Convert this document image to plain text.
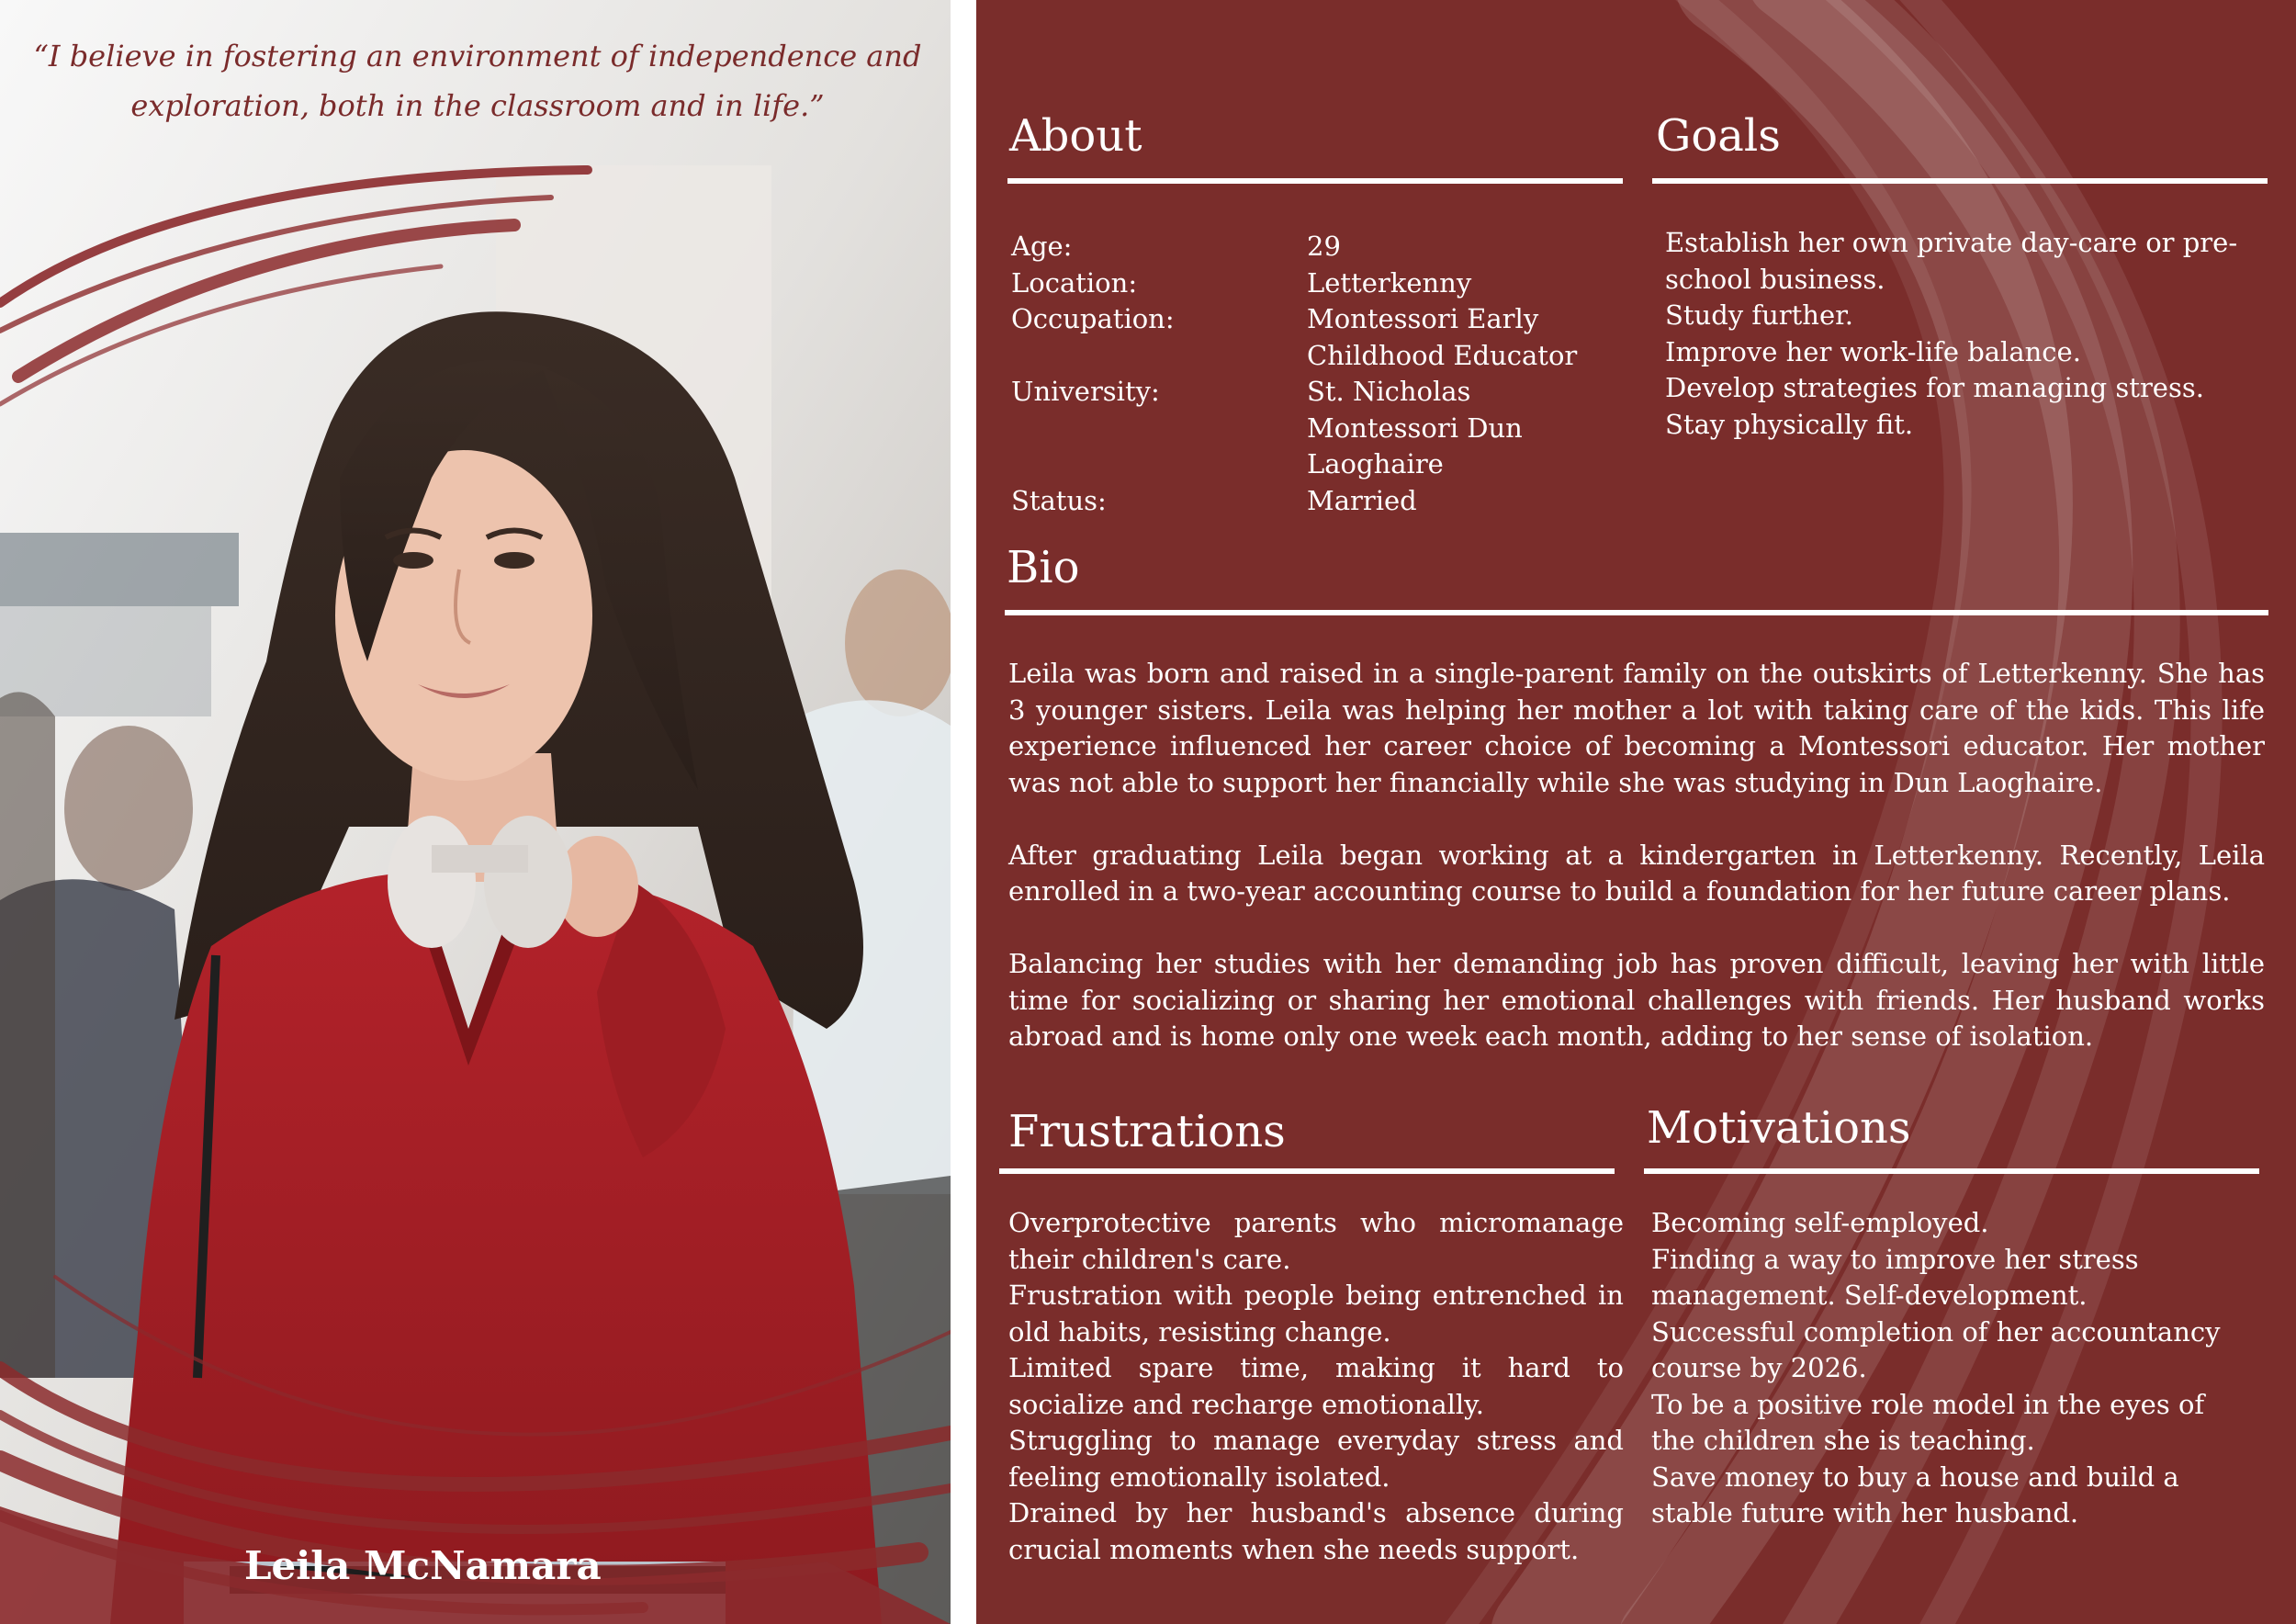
“I believe in fostering an environment of independence and exploration, both in the classroom and in life.”
Leila McNamara
About
Age:	29
Location:	Letterkenny
Occupation:	Montessori Early Childhood Educator
University:	St. Nicholas Montessori Dun Laoghaire
Status:	Married
Goals
Establish her own private day-care or pre-school business.
Study further.
Improve her work-life balance.
Develop strategies for managing stress.
Stay physically fit.
Bio

Leila was born and raised in a single-parent family on the outskirts of Letterkenny. She has 3 younger sisters. Leila was helping her mother a lot with taking care of the kids. This life experience influenced her career choice of becoming a Montessori educator. Her mother was not able to support her financially while she was studying in Dun Laoghaire.

After graduating Leila began working at a kindergarten in Letterkenny. Recently, Leila enrolled in a two-year accounting course to build a foundation for her future career plans.

Balancing her studies with her demanding job has proven difficult, leaving her with little time for socializing or sharing her emotional challenges with friends. Her husband works abroad and is home only one week each month, adding to her sense of isolation.

Frustrations
Overprotective parents who micromanage their children's care.
Frustration with people being entrenched in old habits, resisting change.
Limited spare time, making it hard to socialize and recharge emotionally.
Struggling to manage everyday stress and feeling emotionally isolated.
Drained by her husband's absence during crucial moments when she needs support.
Motivations
Becoming self-employed.
Finding a way to improve her stress management. Self-development.
Successful completion of her accountancy course by 2026.
To be a positive role model in the eyes of the children she is teaching.
Save money to buy a house and build a stable future with her husband.
